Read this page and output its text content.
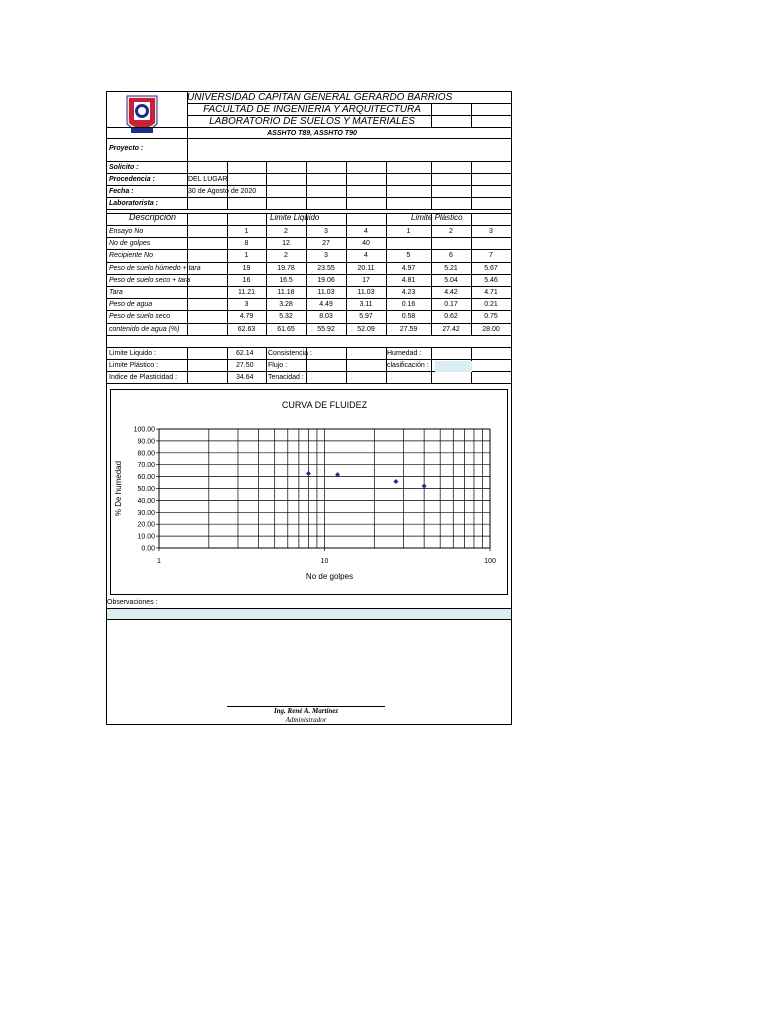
UNIVERSIDAD CAPITAN GENERAL GERARDO BARRIOS
FACULTAD DE INGENIERIA Y ARQUITECTURA
LABORATORIO DE SUELOS Y MATERIALES
ASSHTO T89, ASSHTO T90
Proyecto :
Solicito :
Procedencia :	DEL LUGAR
Fecha :	30 de Agosto de 2020
Laboratorista :
Descripción	Limite Liquido	Limite Plástico
Ensayo No	1	2	3	4	1	2	3
No de golpes	8	12	27	40
Recipiente No	1	2	3	4	5	6	7
Peso de suelo húmedo + tara	19	19.78	23.55	20.11	4.97	5.21	5.67
Peso de suelo seco + tara	16	16.5	19.06	17	4.81	5.04	5.46
Tara	11.21	11.18	11.03	11.03	4.23	4.42	4.71
Peso de agua	3	3.28	4.49	3.11	0.16	0.17	0.21
Peso de suelo seco	4.79	5.32	8.03	5.97	0.58	0.62	0.75
contenido de agua (%)	62.63	61.65	55.92	52.09	27.59	27.42	28.00
Limite Liquido :	62.14 Consistencia :	Humedad :
Limite Plástico :	27.50 Flujo :	clasificación :
Indice de Plasticidad :	34.64 Tenacidad :
CURVA DE FLUIDEZ
0.00
10.00
20.00
30.00
40.00
50.00
60.00
70.00
80.00
90.00
100.00
1	10	100
No de golpes
% De humedad
Observaciones :
Ing. René A. Martínez
Administrador
